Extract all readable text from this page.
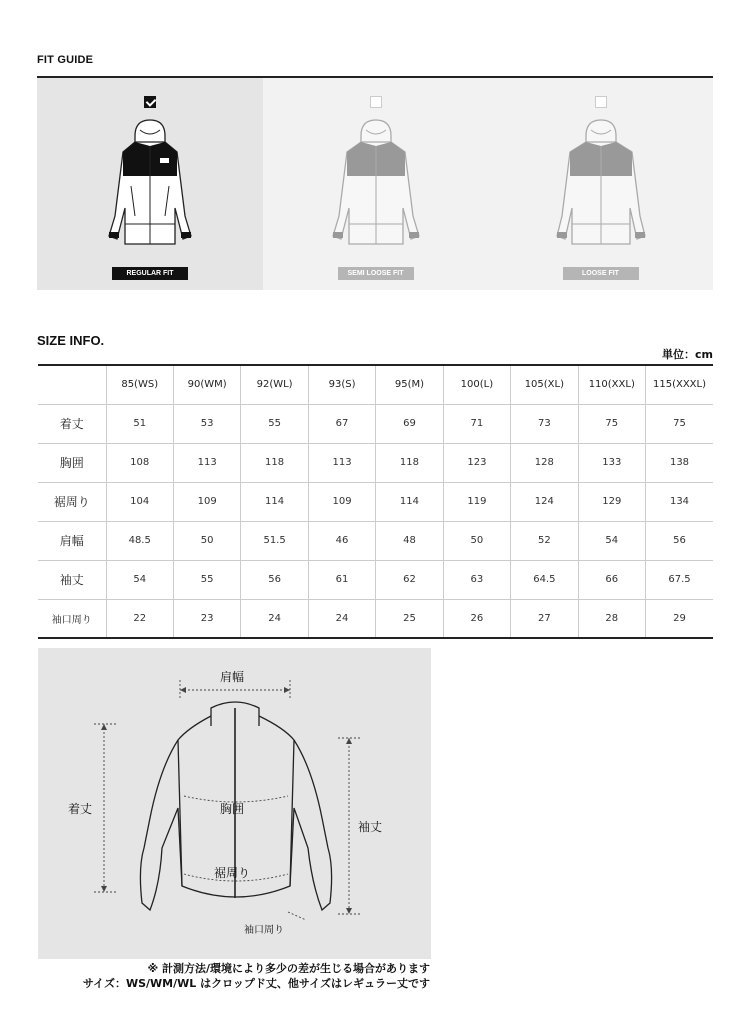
FIT GUIDE
REGULAR FIT	SEMI LOOSE FIT	LOOSE FIT
SIZE INFO.
単位：cm
	85(WS)	90(WM)	92(WL)	93(S)	95(M)	100(L)	105(XL)	110(XXL)	115(XXXL)
着丈	51	53	55	67	69	71	73	75	75
胸囲	108	113	118	113	118	123	128	133	138
裾周り	104	109	114	109	114	119	124	129	134
肩幅	48.5	50	51.5	46	48	50	52	54	56
袖丈	54	55	56	61	62	63	64.5	66	67.5
袖口周り	22	23	24	24	25	26	27	28	29
肩幅
着丈	胸囲
裾周り
袖丈
袖口周り
※ 計測方法/環境により多少の差が生じる場合があります
サイズ：WS/WM/WL はクロップド丈、他サイズはレギュラー丈です
